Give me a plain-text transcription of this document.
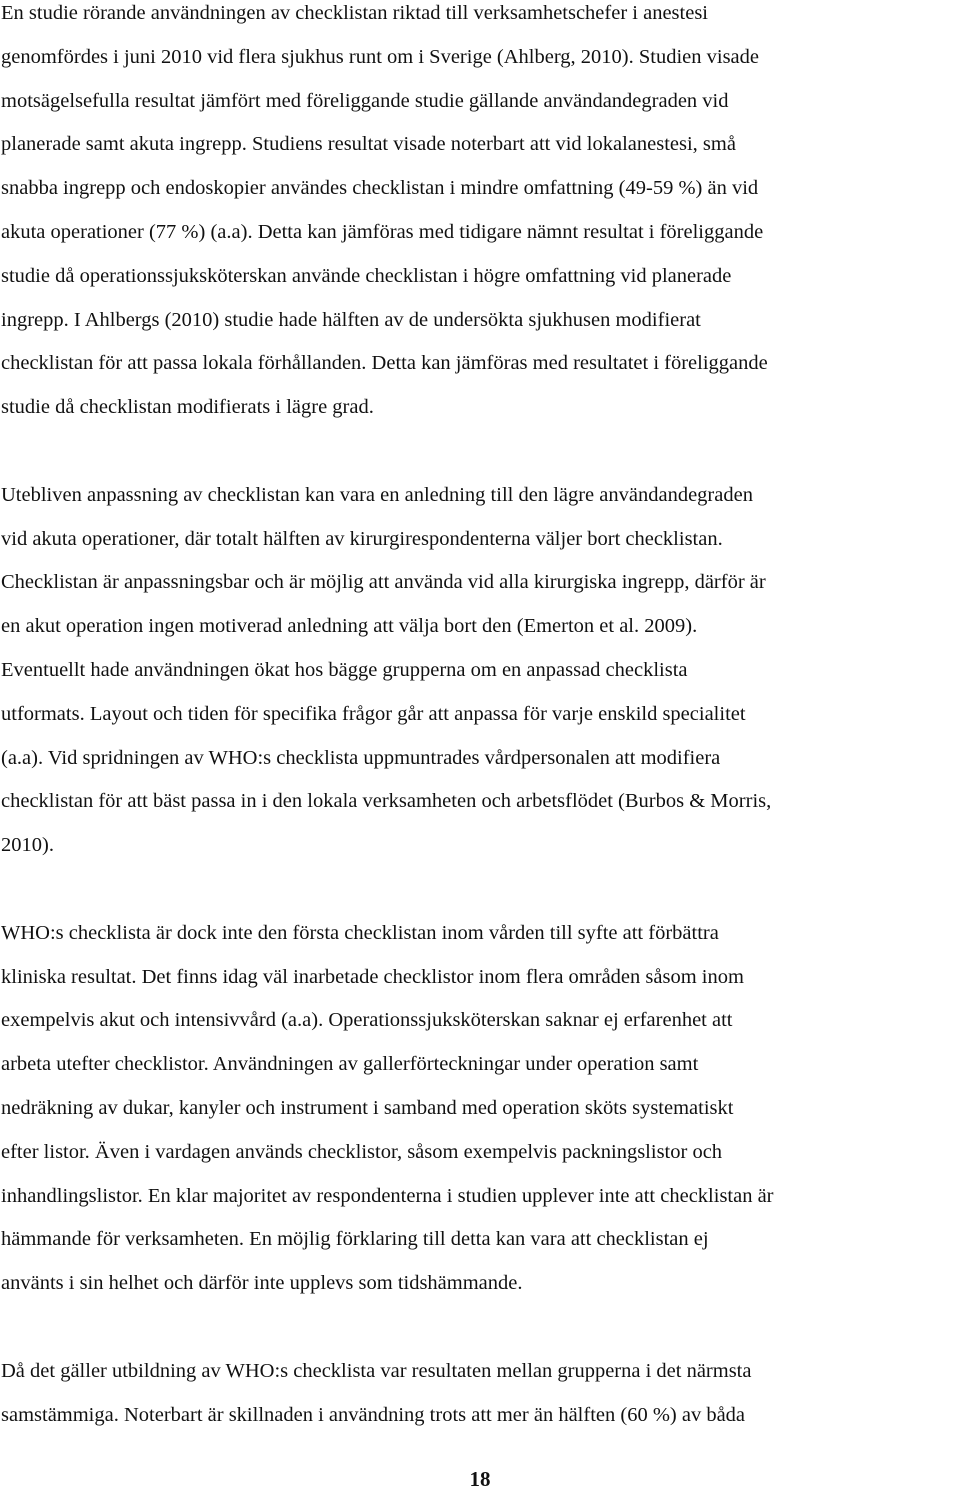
En studie rörande användningen av checklistan riktad till verksamhetschefer i anestesi
genomfördes i juni 2010 vid flera sjukhus runt om i Sverige (Ahlberg, 2010). Studien visade
motsägelsefulla resultat jämfört med föreliggande studie gällande användandegraden vid
planerade samt akuta ingrepp. Studiens resultat visade noterbart att vid lokalanestesi, små
snabba ingrepp och endoskopier användes checklistan i mindre omfattning (49-59 %) än vid
akuta operationer (77 %) (a.a). Detta kan jämföras med tidigare nämnt resultat i föreliggande
studie då operationssjuksköterskan använde checklistan i högre omfattning vid planerade
ingrepp. I Ahlbergs (2010) studie hade hälften av de undersökta sjukhusen modifierat
checklistan för att passa lokala förhållanden. Detta kan jämföras med resultatet i föreliggande
studie då checklistan modifierats i lägre grad.

Utebliven anpassning av checklistan kan vara en anledning till den lägre användandegraden
vid akuta operationer, där totalt hälften av kirurgirespondenterna väljer bort checklistan.
Checklistan är anpassningsbar och är möjlig att använda vid alla kirurgiska ingrepp, därför är
en akut operation ingen motiverad anledning att välja bort den (Emerton et al. 2009).
Eventuellt hade användningen ökat hos bägge grupperna om en anpassad checklista
utformats. Layout och tiden för specifika frågor går att anpassa för varje enskild specialitet
(a.a). Vid spridningen av WHO:s checklista uppmuntrades vårdpersonalen att modifiera
checklistan för att bäst passa in i den lokala verksamheten och arbetsflödet (Burbos & Morris,
2010).

WHO:s checklista är dock inte den första checklistan inom vården till syfte att förbättra
kliniska resultat. Det finns idag väl inarbetade checklistor inom flera områden såsom inom
exempelvis akut och intensivvård (a.a). Operationssjuksköterskan saknar ej erfarenhet att
arbeta utefter checklistor. Användningen av gallerförteckningar under operation samt
nedräkning av dukar, kanyler och instrument i samband med operation sköts systematiskt
efter listor. Även i vardagen används checklistor, såsom exempelvis packningslistor och
inhandlingslistor. En klar majoritet av respondenterna i studien upplever inte att checklistan är
hämmande för verksamheten. En möjlig förklaring till detta kan vara att checklistan ej
använts i sin helhet och därför inte upplevs som tidshämmande.

Då det gäller utbildning av WHO:s checklista var resultaten mellan grupperna i det närmsta
samstämmiga. Noterbart är skillnaden i användning trots att mer än hälften (60 %) av båda

18
